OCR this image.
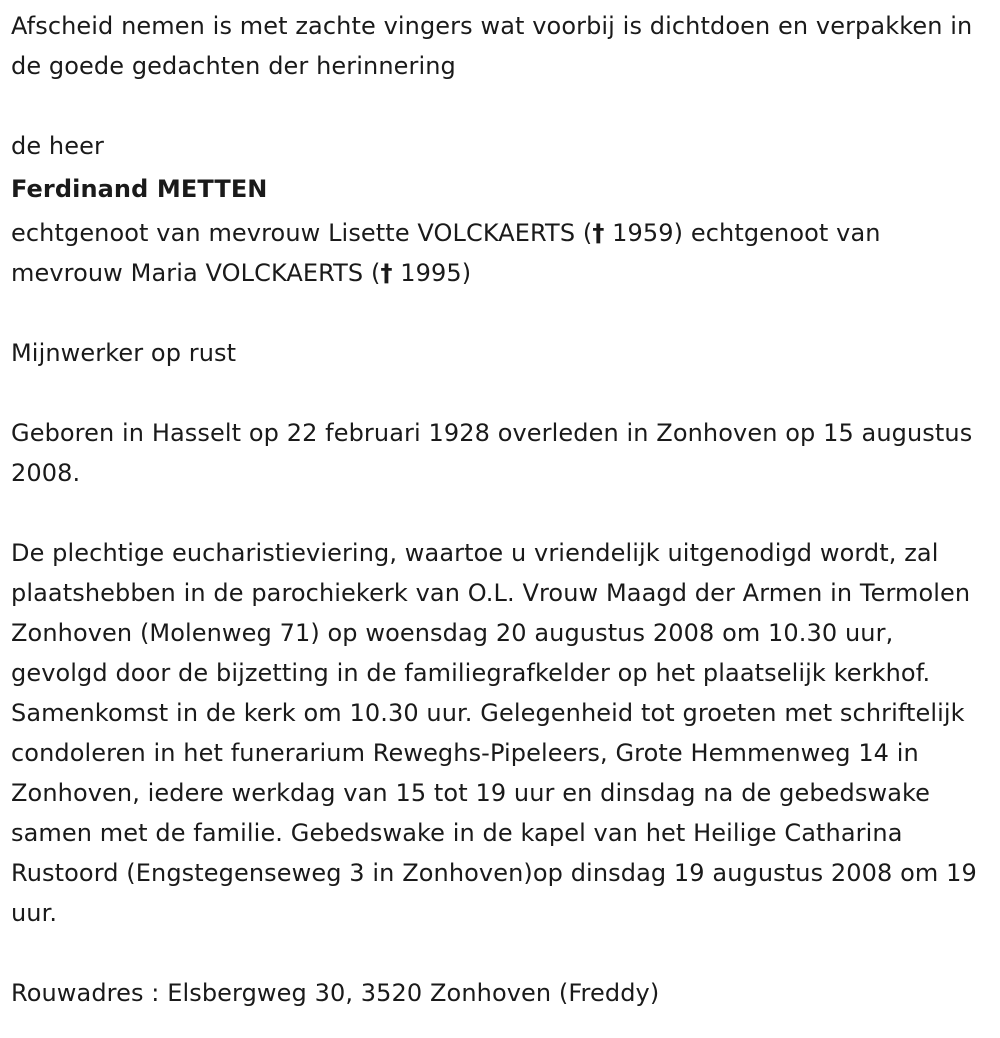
Afscheid nemen is met zachte vingers wat voorbij is dichtdoen en verpakken in de goede gedachten der herinnering

de heer

Ferdinand METTEN

echtgenoot van mevrouw Lisette VOLCKAERTS († 1959) echtgenoot van mevrouw Maria VOLCKAERTS († 1995)

Mijnwerker op rust

Geboren in Hasselt op 22 februari 1928 overleden in Zonhoven op 15 augustus 2008.

De plechtige eucharistieviering, waartoe u vriendelijk uitgenodigd wordt, zal plaatshebben in de parochiekerk van O.L. Vrouw Maagd der Armen in Termolen Zonhoven (Molenweg 71) op woensdag 20 augustus 2008 om 10.30 uur, gevolgd door de bijzetting in de familiegrafkelder op het plaatselijk kerkhof. Samenkomst in de kerk om 10.30 uur. Gelegenheid tot groeten met schriftelijk condoleren in het funerarium Reweghs-Pipeleers, Grote Hemmenweg 14 in Zonhoven, iedere werkdag van 15 tot 19 uur en dinsdag na de gebedswake samen met de familie. Gebedswake in de kapel van het Heilige Catharina Rustoord (Engstegenseweg 3 in Zonhoven)op dinsdag 19 augustus 2008 om 19 uur.

Rouwadres : Elsbergweg 30, 3520 Zonhoven (Freddy)
